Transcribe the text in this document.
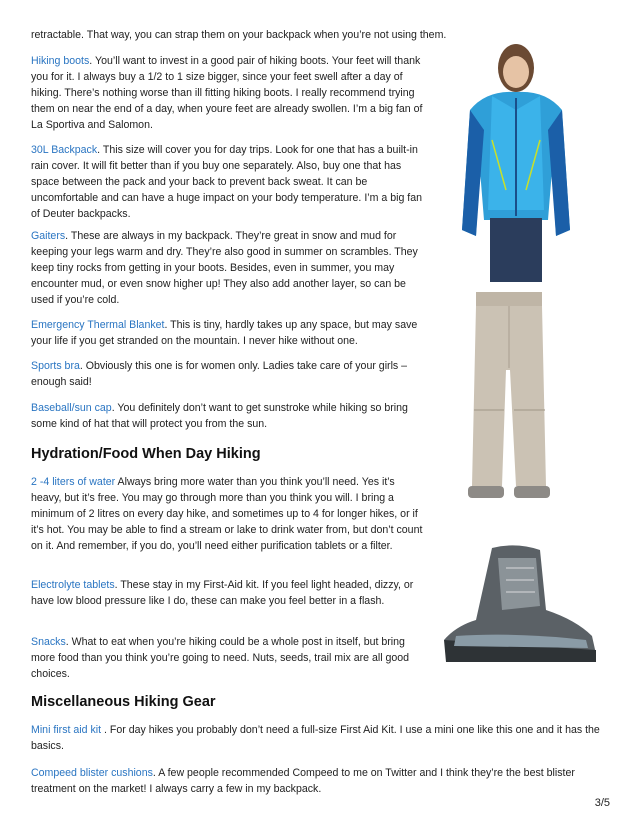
retractable. That way, you can strap them on your backpack when you’re not using them.

Hiking boots. You’ll want to invest in a good pair of hiking boots. Your feet will thank you for it. I always buy a 1/2 to 1 size bigger, since your feet swell after a day of hiking. There’s nothing worse than ill fitting hiking boots. I really recommend trying them on near the end of a day, when youre feet are already swollen. I’m a big fan of La Sportiva and Salomon.

30L Backpack. This size will cover you for day trips. Look for one that has a built-in rain cover. It will fit better than if you buy one separately. Also, buy one that has space between the pack and your back to prevent back sweat. It can be uncomfortable and can have a huge impact on your body temperature. I’m a big fan of Deuter backpacks.

Gaiters. These are always in my backpack. They’re great in snow and mud for keeping your legs warm and dry. They’re also good in summer on scrambles. They keep tiny rocks from getting in your boots. Besides, even in summer, you may encounter mud, or even snow higher up! They also add another layer, so can be used if you’re cold.

Emergency Thermal Blanket. This is tiny, hardly takes up any space, but may save your life if you get stranded on the mountain. I never hike without one.

Sports bra. Obviously this one is for women only. Ladies take care of your girls – enough said!

Baseball/sun cap. You definitely don’t want to get sunstroke while hiking so bring some kind of hat that will protect you from the sun.

Hydration/Food When Day Hiking

2 -4 liters of water Always bring more water than you think you’ll need. Yes it’s heavy, but it’s free. You may go through more than you think you will. I bring a minimum of 2 litres on every day hike, and sometimes up to 4 for longer hikes, or if it’s hot. You may be able to find a stream or lake to drink water from, but don’t count on it. And remember, if you do, you’ll need either purification tablets or a filter.

Electrolyte tablets. These stay in my First-Aid kit. If you feel light headed, dizzy, or have low blood pressure like I do, these can make you feel better in a flash.

Snacks. What to eat when you’re hiking could be a whole post in itself, but bring more food than you think you’re going to need. Nuts, seeds, trail mix are all good choices.

Miscellaneous Hiking Gear

Mini first aid kit . For day hikes you probably don’t need a full-size First Aid Kit. I use a mini one like this one and it has the basics.

Compeed blister cushions. A few people recommended Compeed to me on Twitter and I think they’re the best blister treatment on the market! I always carry a few in my backpack.

3/5
